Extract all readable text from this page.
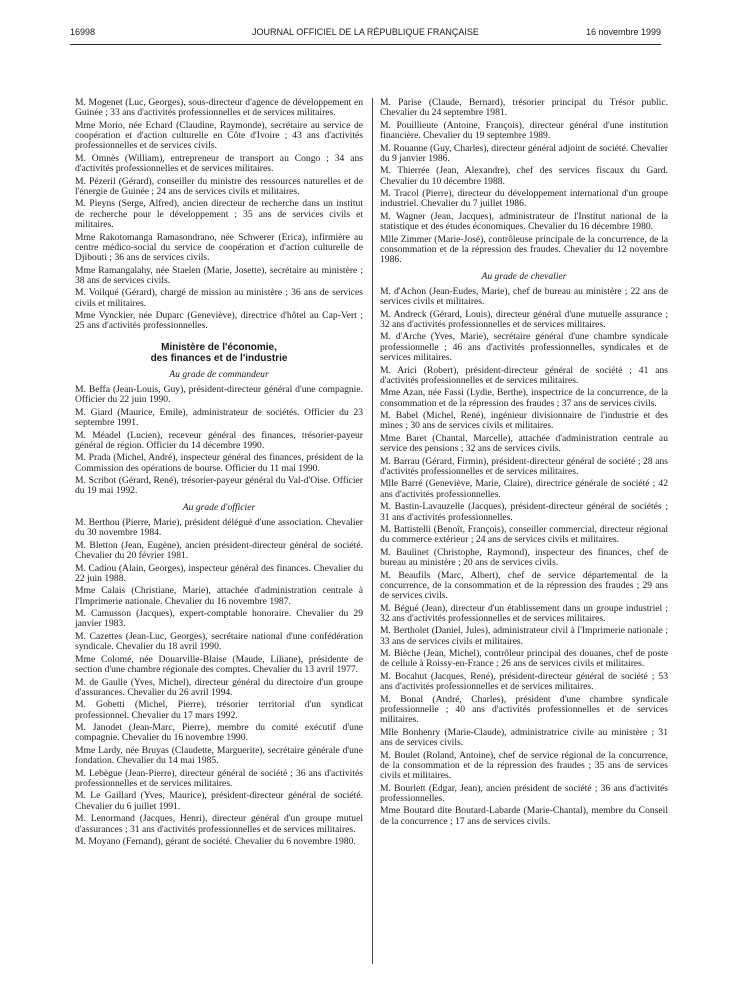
16998	JOURNAL OFFICIEL DE LA RÉPUBLIQUE FRANÇAISE	16 novembre 1999

M. Mogenet (Luc, Georges), sous-directeur d'agence de développement en Guinée ; 33 ans d'activités professionnelles et de services militaires.

Mme Morio, née Echard (Claudine, Raymonde), secrétaire au service de coopération et d'action culturelle en Côte d'Ivoire ; 43 ans d'activités professionnelles et de services civils.

M. Omnès (William), entrepreneur de transport au Congo ; 34 ans d'activités professionnelles et de services militaires.

M. Pézeril (Gérard), conseiller du ministre des ressources naturelles et de l'énergie de Guinée ; 24 ans de services civils et militaires.

M. Pieyns (Serge, Alfred), ancien directeur de recherche dans un institut de recherche pour le développement ; 35 ans de services civils et militaires.

Mme Rakotomanga Ramasondrano, née Schwerer (Erica), infirmière au centre médico-social du service de coopération et d'action culturelle de Djibouti ; 36 ans de services civils.

Mme Ramangalahy, née Staelen (Marie, Josette), secrétaire au ministère ; 38 ans de services civils.

M. Voilqué (Gérard), chargé de mission au ministère ; 36 ans de services civils et militaires.

Mme Vynckier, née Duparc (Geneviève), directrice d'hôtel au Cap-Vert ; 25 ans d'activités professionnelles.

Ministère de l'économie,
des finances et de l'industrie
Au grade de commandeur

M. Beffa (Jean-Louis, Guy), président-directeur général d'une compagnie. Officier du 22 juin 1990.

M. Giard (Maurice, Emile), administrateur de sociétés. Officier du 23 septembre 1991.

M. Méadel (Lucien), receveur général des finances, trésorier-payeur général de région. Officier du 14 décembre 1990.

M. Prada (Michel, André), inspecteur général des finances, président de la Commission des opérations de bourse. Officier du 11 mai 1990.

M. Scribot (Gérard, René), trésorier-payeur général du Val-d'Oise. Officier du 19 mai 1992.

Au grade d'officier

M. Berthou (Pierre, Marie), président délégué d'une association. Chevalier du 30 novembre 1984.

M. Bletton (Jean, Eugène), ancien président-directeur général de société. Chevalier du 20 février 1981.

M. Cadiou (Alain, Georges), inspecteur général des finances. Chevalier du 22 juin 1988.

Mme Calais (Christiane, Marie), attachée d'administration centrale à l'Imprimerie nationale. Chevalier du 16 novembre 1987.

M. Camusson (Jacques), expert-comptable honoraire. Chevalier du 29 janvier 1983.

M. Cazettes (Jean-Luc, Georges), secrétaire national d'une confédération syndicale. Chevalier du 18 avril 1990.

Mme Colomé, née Douarville-Blaise (Maude, Liliane), présidente de section d'une chambre régionale des comptes. Chevalier du 13 avril 1977.

M. de Gaulle (Yves, Michel), directeur général du directoire d'un groupe d'assurances. Chevalier du 26 avril 1994.

M. Gobetti (Michel, Pierre), trésorier territorial d'un syndicat professionnel. Chevalier du 17 mars 1992.

M. Janodet (Jean-Marc, Pierre), membre du comité exécutif d'une compagnie. Chevalier du 16 novembre 1990.

Mme Lardy, née Bruyas (Claudette, Marguerite), secrétaire générale d'une fondation. Chevalier du 14 mai 1985.

M. Lebègue (Jean-Pierre), directeur général de société ; 36 ans d'activités professionnelles et de services militaires.

M. Le Gaillard (Yves, Maurice), président-directeur général de société. Chevalier du 6 juillet 1991.

M. Lenormand (Jacques, Henri), directeur général d'un groupe mutuel d'assurances ; 31 ans d'activités professionnelles et de services militaires.

M. Moyano (Fernand), gérant de société. Chevalier du 6 novembre 1980.

M. Parise (Claude, Bernard), trésorier principal du Trésor public. Chevalier du 24 septembre 1981.

M. Pouillieute (Antoine, François), directeur général d'une institution financière. Chevalier du 19 septembre 1989.

M. Rouanne (Guy, Charles), directeur général adjoint de société. Chevalier du 9 janvier 1986.

M. Thierrée (Jean, Alexandre), chef des services fiscaux du Gard. Chevalier du 10 décembre 1988.

M. Tracol (Pierre), directeur du développement international d'un groupe industriel. Chevalier du 7 juillet 1986.

M. Wagner (Jean, Jacques), administrateur de l'Institut national de la statistique et des études économiques. Chevalier du 16 décembre 1980.

Mlle Zimmer (Marie-José), contrôleuse principale de la concurrence, de la consommation et de la répression des fraudes. Chevalier du 12 novembre 1986.

Au grade de chevalier

M. d'Achon (Jean-Eudes, Marie), chef de bureau au ministère ; 22 ans de services civils et militaires.

M. Andreck (Gérard, Louis), directeur général d'une mutuelle assurance ; 32 ans d'activités professionnelles et de services militaires.

M. d'Arche (Yves, Marie), secrétaire général d'une chambre syndicale professionnelle ; 46 ans d'activités professionnelles, syndicales et de services militaires.

M. Arici (Robert), président-directeur général de société ; 41 ans d'activités professionnelles et de services militaires.

Mme Azan, née Fassi (Lydie, Berthe), inspectrice de la concurrence, de la consommation et de la répression des fraudes ; 37 ans de services civils.

M. Babel (Michel, René), ingénieur divisionnaire de l'industrie et des mines ; 30 ans de services civils et militaires.

Mme Baret (Chantal, Marcelle), attachée d'administration centrale au service des pensions ; 32 ans de services civils.

M. Barrau (Gérard, Firmin), président-directeur général de société ; 28 ans d'activités professionnelles et de services militaires.

Mlle Barré (Geneviève, Marie, Claire), directrice générale de société ; 42 ans d'activités professionnelles.

M. Bastin-Lavauzelle (Jacques), président-directeur général de sociétés ; 31 ans d'activités professionnelles.

M. Battistelli (Benoît, François), conseiller commercial, directeur régional du commerce extérieur ; 24 ans de services civils et militaires.

M. Baulinet (Christophe, Raymond), inspecteur des finances, chef de bureau au ministère ; 20 ans de services civils.

M. Beaufils (Marc, Albert), chef de service départemental de la concurrence, de la consommation et de la répression des fraudes ; 29 ans de services civils.

M. Bégué (Jean), directeur d'un établissement dans un groupe industriel ; 32 ans d'activités professionnelles et de services militaires.

M. Bertholet (Daniel, Jules), administrateur civil à l'Imprimerie nationale ; 33 ans de services civils et militaires.

M. Bièche (Jean, Michel), contrôleur principal des douanes, chef de poste de cellule à Roissy-en-France ; 26 ans de services civils et militaires.

M. Bocahut (Jacques, René), président-directeur général de société ; 53 ans d'activités professionnelles et de services militaires.

M. Bonal (André, Charles), président d'une chambre syndicale professionnelle ; 40 ans d'activités professionnelles et de services militaires.

Mlle Bonhenry (Marie-Claude), administratrice civile au ministère ; 31 ans de services civils.

M. Boulet (Roland, Antoine), chef de service régional de la concurrence, de la consommation et de la répression des fraudes ; 35 ans de services civils et militaires.

M. Bourlett (Edgar, Jean), ancien président de société ; 36 ans d'activités professionnelles.

Mme Boutard dite Boutard-Labarde (Marie-Chantal), membre du Conseil de la concurrence ; 17 ans de services civils.
